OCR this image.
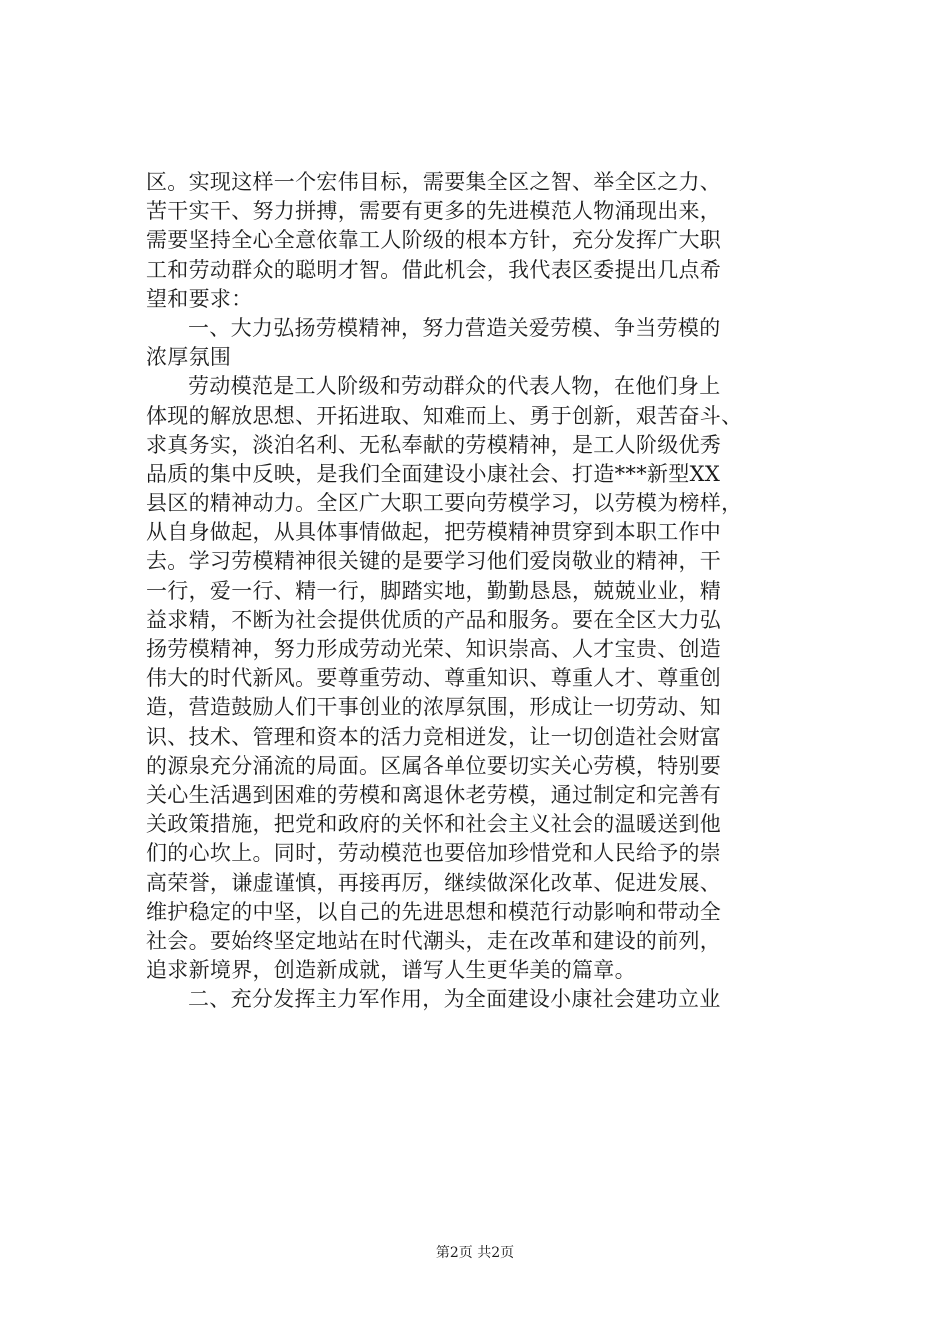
区。实现这样一个宏伟目标，需要集全区之智、举全区之力、
苦干实干、努力拼搏，需要有更多的先进模范人物涌现出来，
需要坚持全心全意依靠工人阶级的根本方针，充分发挥广大职
工和劳动群众的聪明才智。借此机会，我代表区委提出几点希
望和要求：
一、大力弘扬劳模精神，努力营造关爱劳模、争当劳模的
浓厚氛围
劳动模范是工人阶级和劳动群众的代表人物，在他们身上
体现的解放思想、开拓进取、知难而上、勇于创新，艰苦奋斗、
求真务实，淡泊名利、无私奉献的劳模精神，是工人阶级优秀
品质的集中反映，是我们全面建设小康社会、打造***新型XX
县区的精神动力。全区广大职工要向劳模学习，以劳模为榜样，
从自身做起，从具体事情做起，把劳模精神贯穿到本职工作中
去。学习劳模精神很关键的是要学习他们爱岗敬业的精神，干
一行，爱一行、精一行，脚踏实地，勤勤恳恳，兢兢业业，精
益求精，不断为社会提供优质的产品和服务。要在全区大力弘
扬劳模精神，努力形成劳动光荣、知识崇高、人才宝贵、创造
伟大的时代新风。要尊重劳动、尊重知识、尊重人才、尊重创
造，营造鼓励人们干事创业的浓厚氛围，形成让一切劳动、知
识、技术、管理和资本的活力竞相迸发，让一切创造社会财富
的源泉充分涌流的局面。区属各单位要切实关心劳模，特别要
关心生活遇到困难的劳模和离退休老劳模，通过制定和完善有
关政策措施，把党和政府的关怀和社会主义社会的温暖送到他
们的心坎上。同时，劳动模范也要倍加珍惜党和人民给予的崇
高荣誉，谦虚谨慎，再接再厉，继续做深化改革、促进发展、
维护稳定的中坚，以自己的先进思想和模范行动影响和带动全
社会。要始终坚定地站在时代潮头，走在改革和建设的前列，
追求新境界，创造新成就，谱写人生更华美的篇章。
二、充分发挥主力军作用，为全面建设小康社会建功立业
第2页 共2页
